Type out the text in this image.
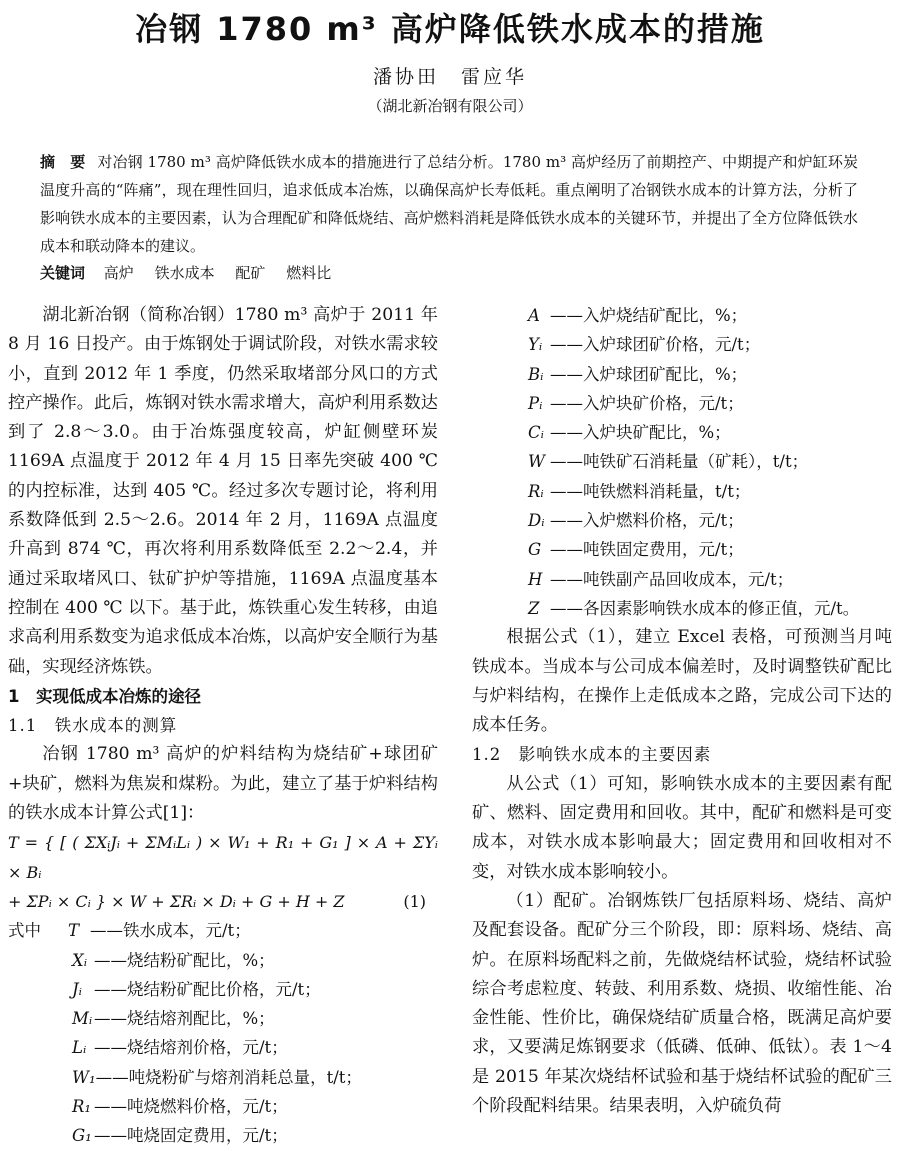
冶钢 1780 m³ 高炉降低铁水成本的措施
潘协田　雷应华
（湖北新冶钢有限公司）
摘　要 对冶钢 1780 m³ 高炉降低铁水成本的措施进行了总结分析。1780 m³ 高炉经历了前期控产、中期提产和炉缸环炭温度升高的“阵痛”，现在理性回归，追求低成本冶炼，以确保高炉长寿低耗。重点阐明了冶钢铁水成本的计算方法，分析了影响铁水成本的主要因素，认为合理配矿和降低烧结、高炉燃料消耗是降低铁水成本的关键环节，并提出了全方位降低铁水成本和联动降本的建议。
关键词 高炉 铁水成本 配矿 燃料比
湖北新冶钢（简称冶钢）1780 m³ 高炉于 2011 年 8 月 16 日投产。由于炼钢处于调试阶段，对铁水需求较小，直到 2012 年 1 季度，仍然采取堵部分风口的方式控产操作。此后，炼钢对铁水需求增大，高炉利用系数达到了 2.8～3.0。由于冶炼强度较高，炉缸侧壁环炭 1169A 点温度于 2012 年 4 月 15 日率先突破 400 ℃ 的内控标准，达到 405 ℃。经过多次专题讨论，将利用系数降低到 2.5～2.6。2014 年 2 月，1169A 点温度升高到 874 ℃，再次将利用系数降低至 2.2～2.4，并通过采取堵风口、钛矿护炉等措施，1169A 点温度基本控制在 400 ℃ 以下。基于此，炼铁重心发生转移，由追求高利用系数变为追求低成本冶炼，以高炉安全顺行为基础，实现经济炼铁。
1　实现低成本冶炼的途径
1.1　铁水成本的测算
冶钢 1780 m³ 高炉的炉料结构为烧结矿+球团矿+块矿，燃料为焦炭和煤粉。为此，建立了基于炉料结构的铁水成本计算公式[1]：
T = { [ ( ΣXᵢJᵢ + ΣMᵢLᵢ ) × W₁ + R₁ + G₁ ] × A + ΣYᵢ × Bᵢ
+ ΣPᵢ × Cᵢ } × W + ΣRᵢ × Dᵢ + G + H + Z	(1)
式中 T ——铁水成本，元/t；
Xᵢ ——烧结粉矿配比，%；
Jᵢ ——烧结粉矿配比价格，元/t；
Mᵢ ——烧结熔剂配比，%；
Lᵢ ——烧结熔剂价格，元/t；
W₁——吨烧粉矿与熔剂消耗总量，t/t；
R₁ ——吨烧燃料价格，元/t；
G₁ ——吨烧固定费用，元/t；
A ——入炉烧结矿配比，%；
Yᵢ ——入炉球团矿价格，元/t；
Bᵢ ——入炉球团矿配比，%；
Pᵢ ——入炉块矿价格，元/t；
Cᵢ ——入炉块矿配比，%；
W ——吨铁矿石消耗量（矿耗），t/t；
Rᵢ ——吨铁燃料消耗量，t/t；
Dᵢ ——入炉燃料价格，元/t；
G ——吨铁固定费用，元/t；
H ——吨铁副产品回收成本，元/t；
Z ——各因素影响铁水成本的修正值，元/t。
根据公式（1），建立 Excel 表格，可预测当月吨铁成本。当成本与公司成本偏差时，及时调整铁矿配比与炉料结构，在操作上走低成本之路，完成公司下达的成本任务。
1.2　影响铁水成本的主要因素
从公式（1）可知，影响铁水成本的主要因素有配矿、燃料、固定费用和回收。其中，配矿和燃料是可变成本，对铁水成本影响最大；固定费用和回收相对不变，对铁水成本影响较小。
（1）配矿。冶钢炼铁厂包括原料场、烧结、高炉及配套设备。配矿分三个阶段，即：原料场、烧结、高炉。在原料场配料之前，先做烧结杯试验，烧结杯试验综合考虑粒度、转鼓、利用系数、烧损、收缩性能、冶金性能、性价比，确保烧结矿质量合格，既满足高炉要求，又要满足炼钢要求（低磷、低砷、低钛）。表 1～4 是 2015 年某次烧结杯试验和基于烧结杯试验的配矿三个阶段配料结果。结果表明，入炉硫负荷
